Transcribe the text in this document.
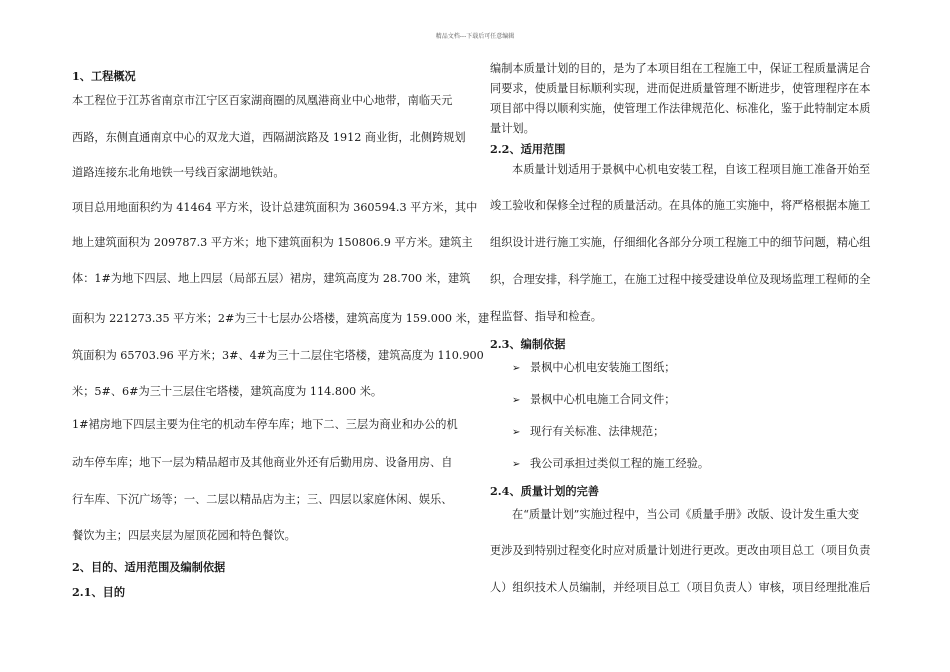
精品文档---下载后可任意编辑
1、工程概况
本工程位于江苏省南京市江宁区百家湖商圈的凤凰港商业中心地带，南临天元
西路，东侧直通南京中心的双龙大道，西隔湖滨路及 1912 商业街，北侧跨规划
道路连接东北角地铁一号线百家湖地铁站。
项目总用地面积约为 41464 平方米，设计总建筑面积为 360594.3 平方米，其中
地上建筑面积为 209787.3 平方米；地下建筑面积为 150806.9 平方米。建筑主
体：1#为地下四层、地上四层（局部五层）裙房，建筑高度为 28.700 米，建筑
面积为 221273.35 平方米；2#为三十七层办公塔楼，建筑高度为 159.000 米，建
筑面积为 65703.96 平方米；3#、4#为三十二层住宅塔楼，建筑高度为 110.900
米；5#、6#为三十三层住宅塔楼，建筑高度为 114.800 米。
1#裙房地下四层主要为住宅的机动车停车库；地下二、三层为商业和办公的机
动车停车库；地下一层为精品超市及其他商业外还有后勤用房、设备用房、自
行车库、下沉广场等；一、二层以精品店为主；三、四层以家庭休闲、娱乐、
餐饮为主；四层夹层为屋顶花园和特色餐饮。
2、目的、适用范围及编制依据
2.1、目的
编制本质量计划的目的，是为了本项目组在工程施工中，保证工程质量满足合
同要求，使质量目标顺利实现，进而促进质量管理不断进步，使管理程序在本
项目部中得以顺利实施，使管理工作法律规范化、标准化，鉴于此特制定本质
量计划。
2.2、适用范围
本质量计划适用于景枫中心机电安装工程，自该工程项目施工准备开始至
竣工验收和保修全过程的质量活动。在具体的施工实施中，将严格根据本施工
组织设计进行施工实施，仔细细化各部分分项工程施工中的细节问题，精心组
织，合理安排，科学施工，在施工过程中接受建设单位及现场监理工程师的全
程监督、指导和检查。
2.3、编制依据
➢ 景枫中心机电安装施工图纸；
➢ 景枫中心机电施工合同文件；
➢ 现行有关标准、法律规范；
➢ 我公司承担过类似工程的施工经验。
2.4、质量计划的完善
在“质量计划”实施过程中，当公司《质量手册》改版、设计发生重大变
更涉及到特别过程变化时应对质量计划进行更改。更改由项目总工（项目负责
人）组织技术人员编制，并经项目总工（项目负责人）审核，项目经理批准后
